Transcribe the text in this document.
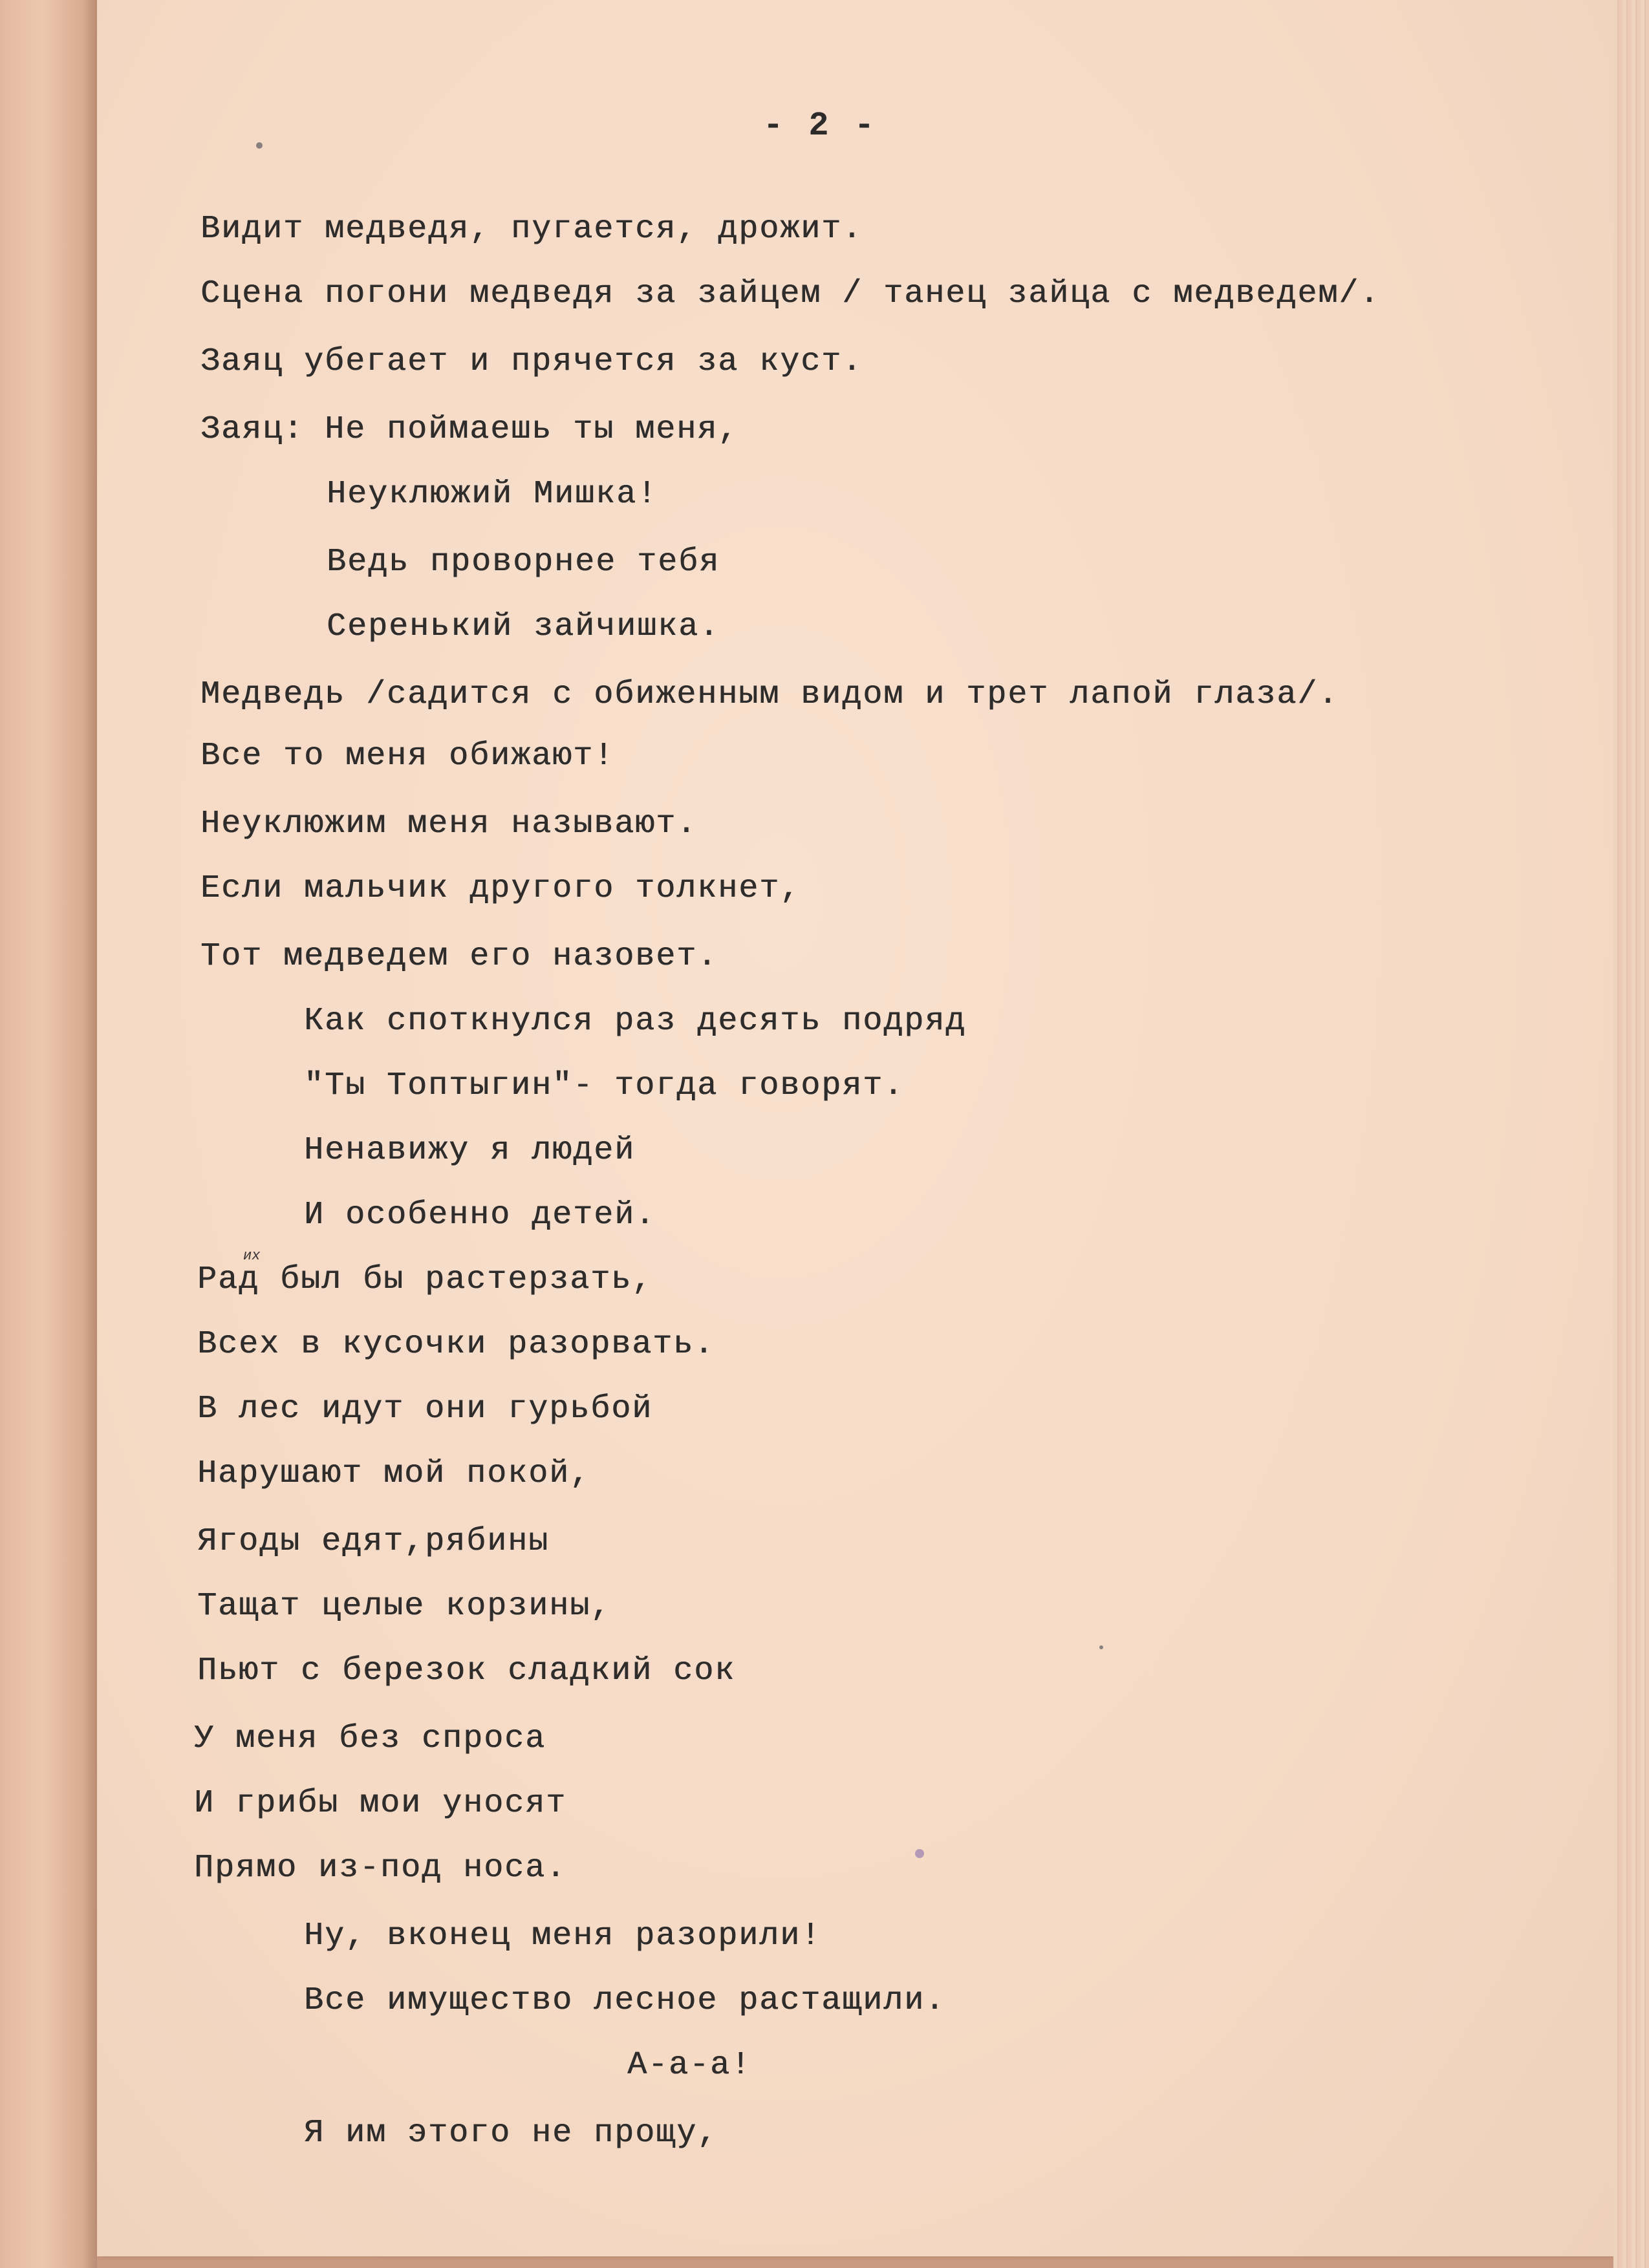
- 2 -
Видит медведя, пугается, дрожит.
Сцена погони медведя за зайцем / танец зайца с медведем/.
Заяц убегает и прячется за куст.
Заяц: Не поймаешь ты меня,
Неуклюжий Мишка!
Ведь проворнее тебя
Серенький зайчишка.
Медведь /садится с обиженным видом и трет лапой глаза/.
Все то меня обижают!
Неуклюжим меня называют.
Если мальчик другого толкнет,
Тот медведем его назовет.
Как споткнулся раз десять подряд
"Ты Топтыгин"- тогда говорят.
Ненавижу я людей
И особенно детей.
их
Рад был бы растерзать,
Всех в кусочки разорвать.
В лес идут они гурьбой
Нарушают мой покой,
Ягоды едят,рябины
Тащат целые корзины,
Пьют с березок сладкий сок
У меня без спроса
И грибы мои уносят
Прямо из-под носа.
Ну, вконец меня разорили!
Все имущество лесное растащили.
А-а-а!
Я им этого не прощу,
